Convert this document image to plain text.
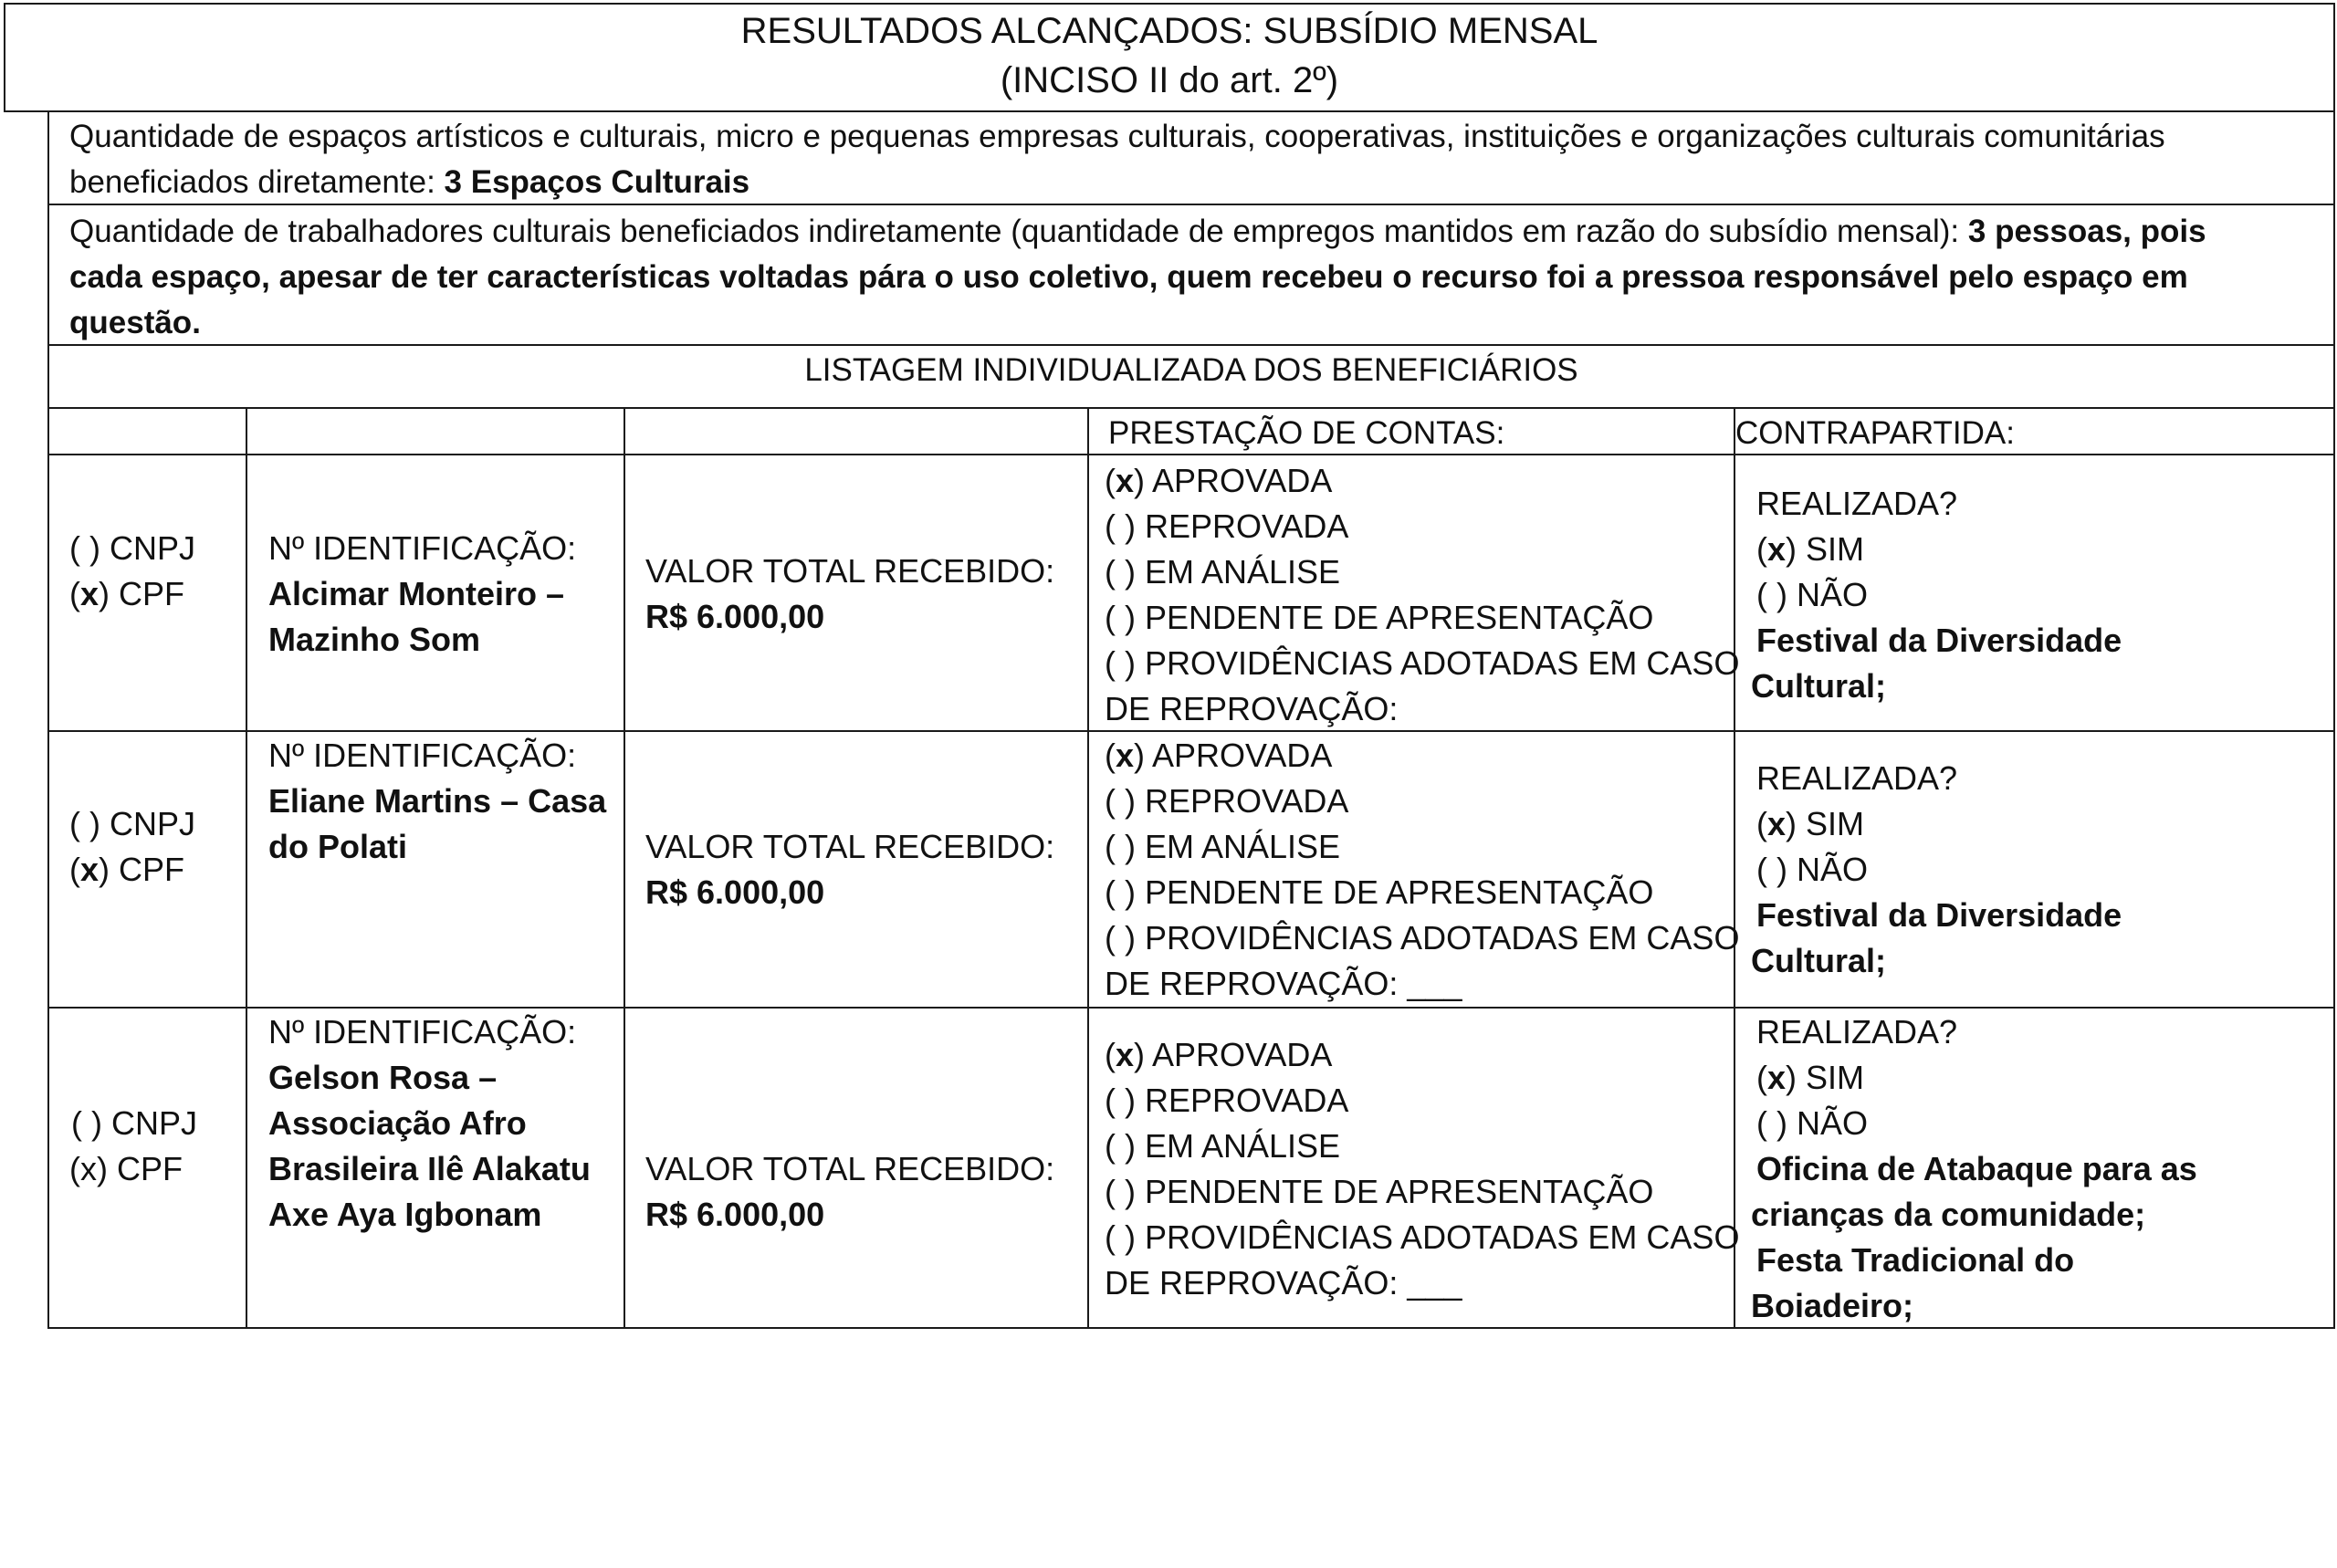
RESULTADOS ALCANÇADOS: SUBSÍDIO MENSAL
(INCISO II do art. 2º)
Quantidade de espaços artísticos e culturais, micro e pequenas empresas culturais, cooperativas, instituições e organizações culturais comunitárias
beneficiados diretamente: 3 Espaços Culturais
Quantidade de trabalhadores culturais beneficiados indiretamente (quantidade de empregos mantidos em razão do subsídio mensal): 3 pessoas, pois
cada espaço, apesar de ter características voltadas pára o uso coletivo, quem recebeu o recurso foi a pressoa responsável pelo espaço em
questão.
LISTAGEM INDIVIDUALIZADA DOS BENEFICIÁRIOS
PRESTAÇÃO DE CONTAS:	CONTRAPARTIDA:
( ) CNPJ
(x) CPF
Nº IDENTIFICAÇÃO:
Alcimar Monteiro –
Mazinho Som
VALOR TOTAL RECEBIDO:
R$ 6.000,00
(x) APROVADA
( ) REPROVADA
( ) EM ANÁLISE
( ) PENDENTE DE APRESENTAÇÃO
( ) PROVIDÊNCIAS ADOTADAS EM CASO
DE REPROVAÇÃO:
REALIZADA?
(x) SIM
( ) NÃO
Festival da Diversidade
Cultural;
( ) CNPJ
(x) CPF
Nº IDENTIFICAÇÃO:
Eliane Martins – Casa
do Polati	VALOR TOTAL RECEBIDO:
R$ 6.000,00
(x) APROVADA
( ) REPROVADA
( ) EM ANÁLISE
( ) PENDENTE DE APRESENTAÇÃO
( ) PROVIDÊNCIAS ADOTADAS EM CASO
DE REPROVAÇÃO: ___
REALIZADA?
(x) SIM
( ) NÃO
Festival da Diversidade
Cultural;
( ) CNPJ
(x) CPF
Nº IDENTIFICAÇÃO:
Gelson Rosa –
Associação Afro
Brasileira Ilê Alakatu
Axe Aya Igbonam
VALOR TOTAL RECEBIDO:
R$ 6.000,00
(x) APROVADA
( ) REPROVADA
( ) EM ANÁLISE
( ) PENDENTE DE APRESENTAÇÃO
( ) PROVIDÊNCIAS ADOTADAS EM CASO
DE REPROVAÇÃO: ___
REALIZADA?
(x) SIM
( ) NÃO
Oficina de Atabaque para as
crianças da comunidade;
Festa Tradicional do
Boiadeiro;
